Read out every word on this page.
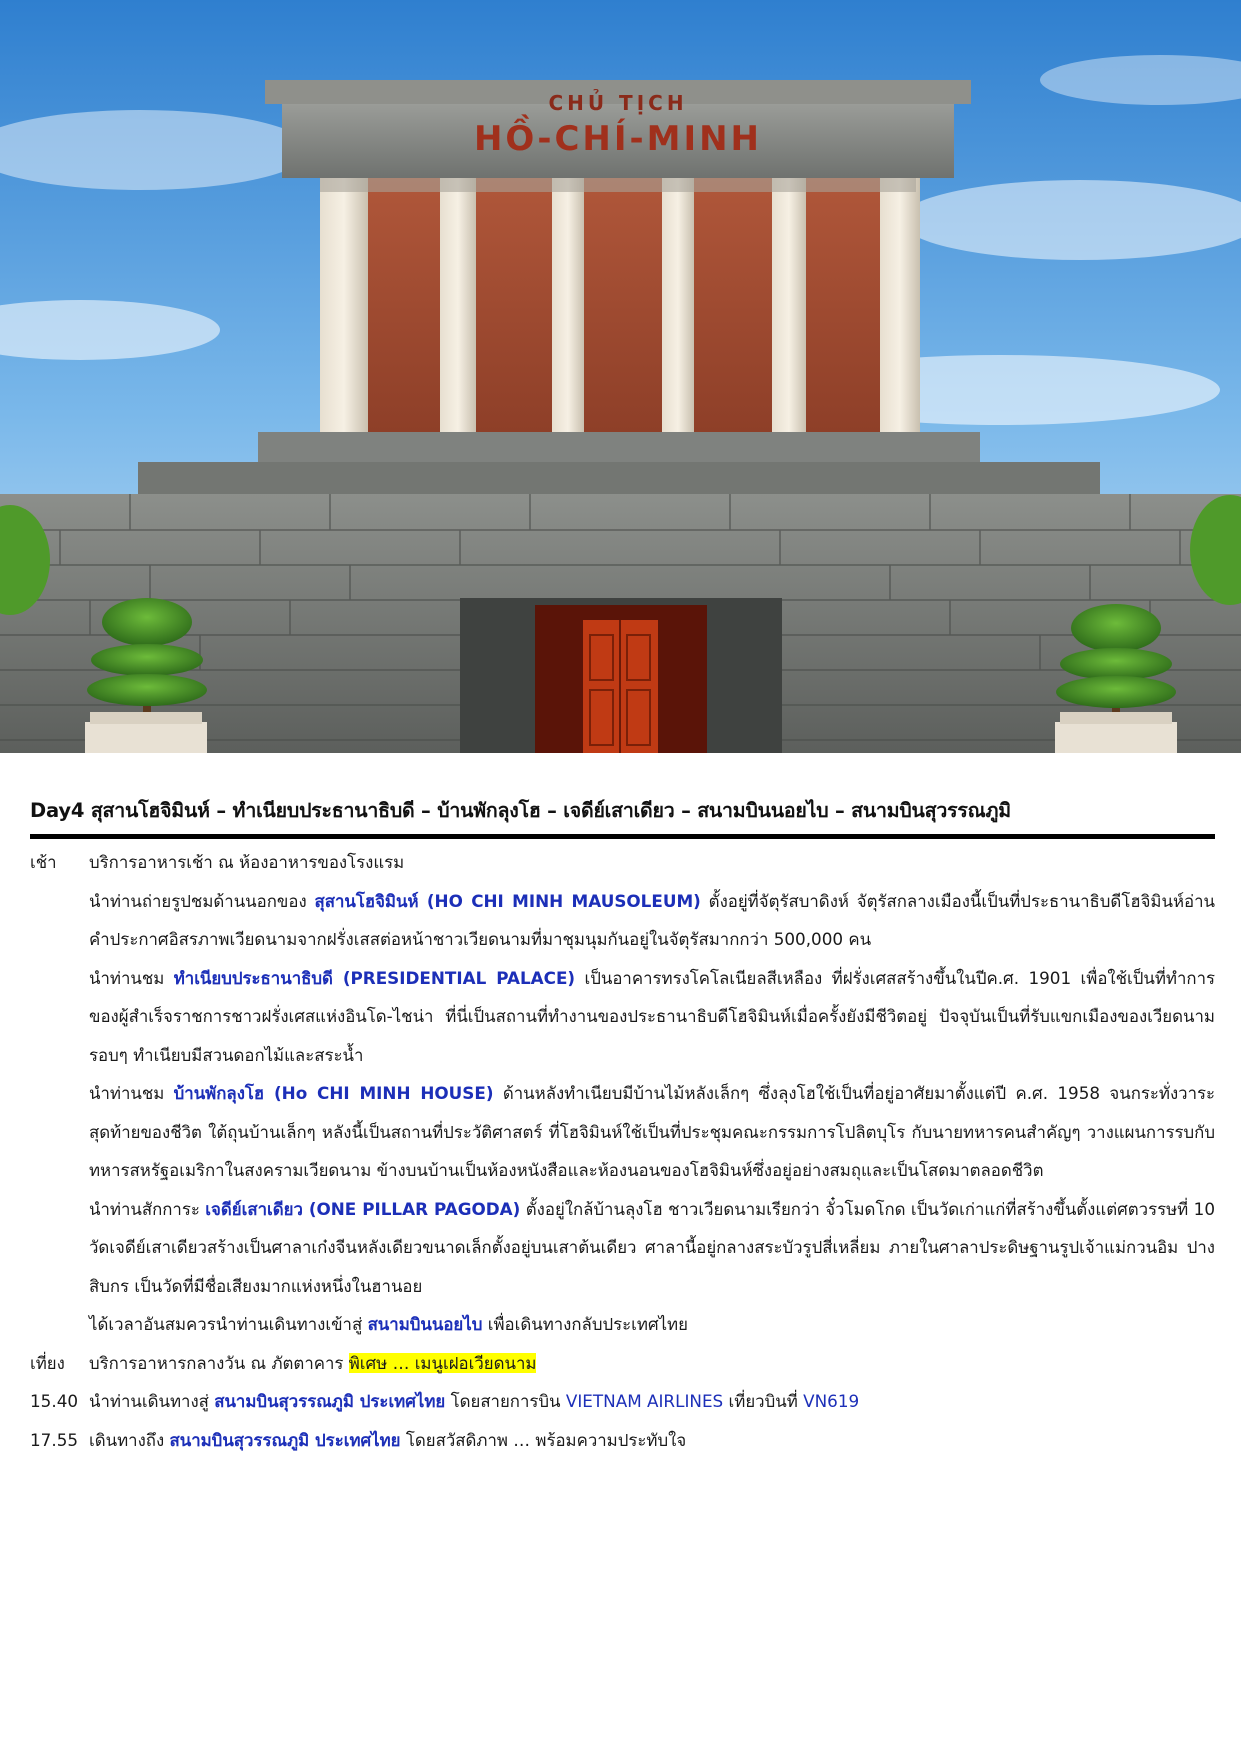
CHỦ TỊCH
HỒ-CHÍ-MINH
Day4 สุสานโฮจิมินห์ – ทำเนียบประธานาธิบดี – บ้านพักลุงโฮ – เจดีย์เสาเดียว – สนามบินนอยไบ – สนามบินสุวรรณภูมิ
เช้า บริการอาหารเช้า ณ ห้องอาหารของโรงแรม
นำท่านถ่ายรูปชมด้านนอกของ สุสานโฮจิมินห์ (HO CHI MINH MAUSOLEUM) ตั้งอยู่ที่จัตุรัสบาดิงห์ จัตุรัสกลางเมืองนี้เป็นที่ประธานาธิบดีโฮจิมินห์อ่านคำประกาศอิสรภาพเวียดนามจากฝรั่งเสสต่อหน้าชาวเวียดนามที่มาชุมนุมกันอยู่ในจัตุรัสมากกว่า 500,000 คน
นำท่านชม ทำเนียบประธานาธิบดี (PRESIDENTIAL PALACE) เป็นอาคารทรงโคโลเนียลสีเหลือง ที่ฝรั่งเศสสร้างขึ้นในปีค.ศ. 1901 เพื่อใช้เป็นที่ทำการของผู้สำเร็จราชการชาวฝรั่งเศสแห่งอินโด-ไชน่า ที่นี่เป็นสถานที่ทำงานของประธานาธิบดีโฮจิมินห์เมื่อครั้งยังมีชีวิตอยู่ ปัจจุบันเป็นที่รับแขกเมืองของเวียดนาม รอบๆ ทำเนียบมีสวนดอกไม้และสระน้ำ
นำท่านชม บ้านพักลุงโฮ (Ho CHI MINH HOUSE) ด้านหลังทำเนียบมีบ้านไม้หลังเล็กๆ ซึ่งลุงโฮใช้เป็นที่อยู่อาศัยมาตั้งแต่ปี ค.ศ. 1958 จนกระทั่งวาระสุดท้ายของชีวิต ใต้ถุนบ้านเล็กๆ หลังนี้เป็นสถานที่ประวัติศาสตร์ ที่โฮจิมินห์ใช้เป็นที่ประชุมคณะกรรมการโปลิตบุโร กับนายทหารคนสำคัญๆ วางแผนการรบกับทหารสหรัฐอเมริกาในสงครามเวียดนาม ข้างบนบ้านเป็นห้องหนังสือและห้องนอนของโฮจิมินห์ซึ่งอยู่อย่างสมถุและเป็นโสดมาตลอดชีวิต
นำท่านสักการะ เจดีย์เสาเดียว (ONE PILLAR PAGODA) ตั้งอยู่ใกล้บ้านลุงโฮ ชาวเวียดนามเรียกว่า จั๋วโมดโกด เป็นวัดเก่าแก่ที่สร้างขึ้นตั้งแต่ศตวรรษที่ 10 วัดเจดีย์เสาเดียวสร้างเป็นศาลาเก๋งจีนหลังเดียวขนาดเล็กตั้งอยู่บนเสาต้นเดียว ศาลานี้อยู่กลางสระบัวรูปสี่เหลี่ยม ภายในศาลาประดิษฐานรูปเจ้าแม่กวนอิม ปางสิบกร เป็นวัดที่มีชื่อเสียงมากแห่งหนึ่งในฮานอย
ได้เวลาอันสมควรนำท่านเดินทางเข้าสู่ สนามบินนอยไบ เพื่อเดินทางกลับประเทศไทย
เที่ยง บริการอาหารกลางวัน ณ ภัตตาคาร พิเศษ … เมนูเฝอเวียดนาม
15.40 นำท่านเดินทางสู่ สนามบินสุวรรณภูมิ ประเทศไทย โดยสายการบิน VIETNAM AIRLINES เที่ยวบินที่ VN619
17.55 เดินทางถึง สนามบินสุวรรณภูมิ ประเทศไทย โดยสวัสดิภาพ … พร้อมความประทับใจ
